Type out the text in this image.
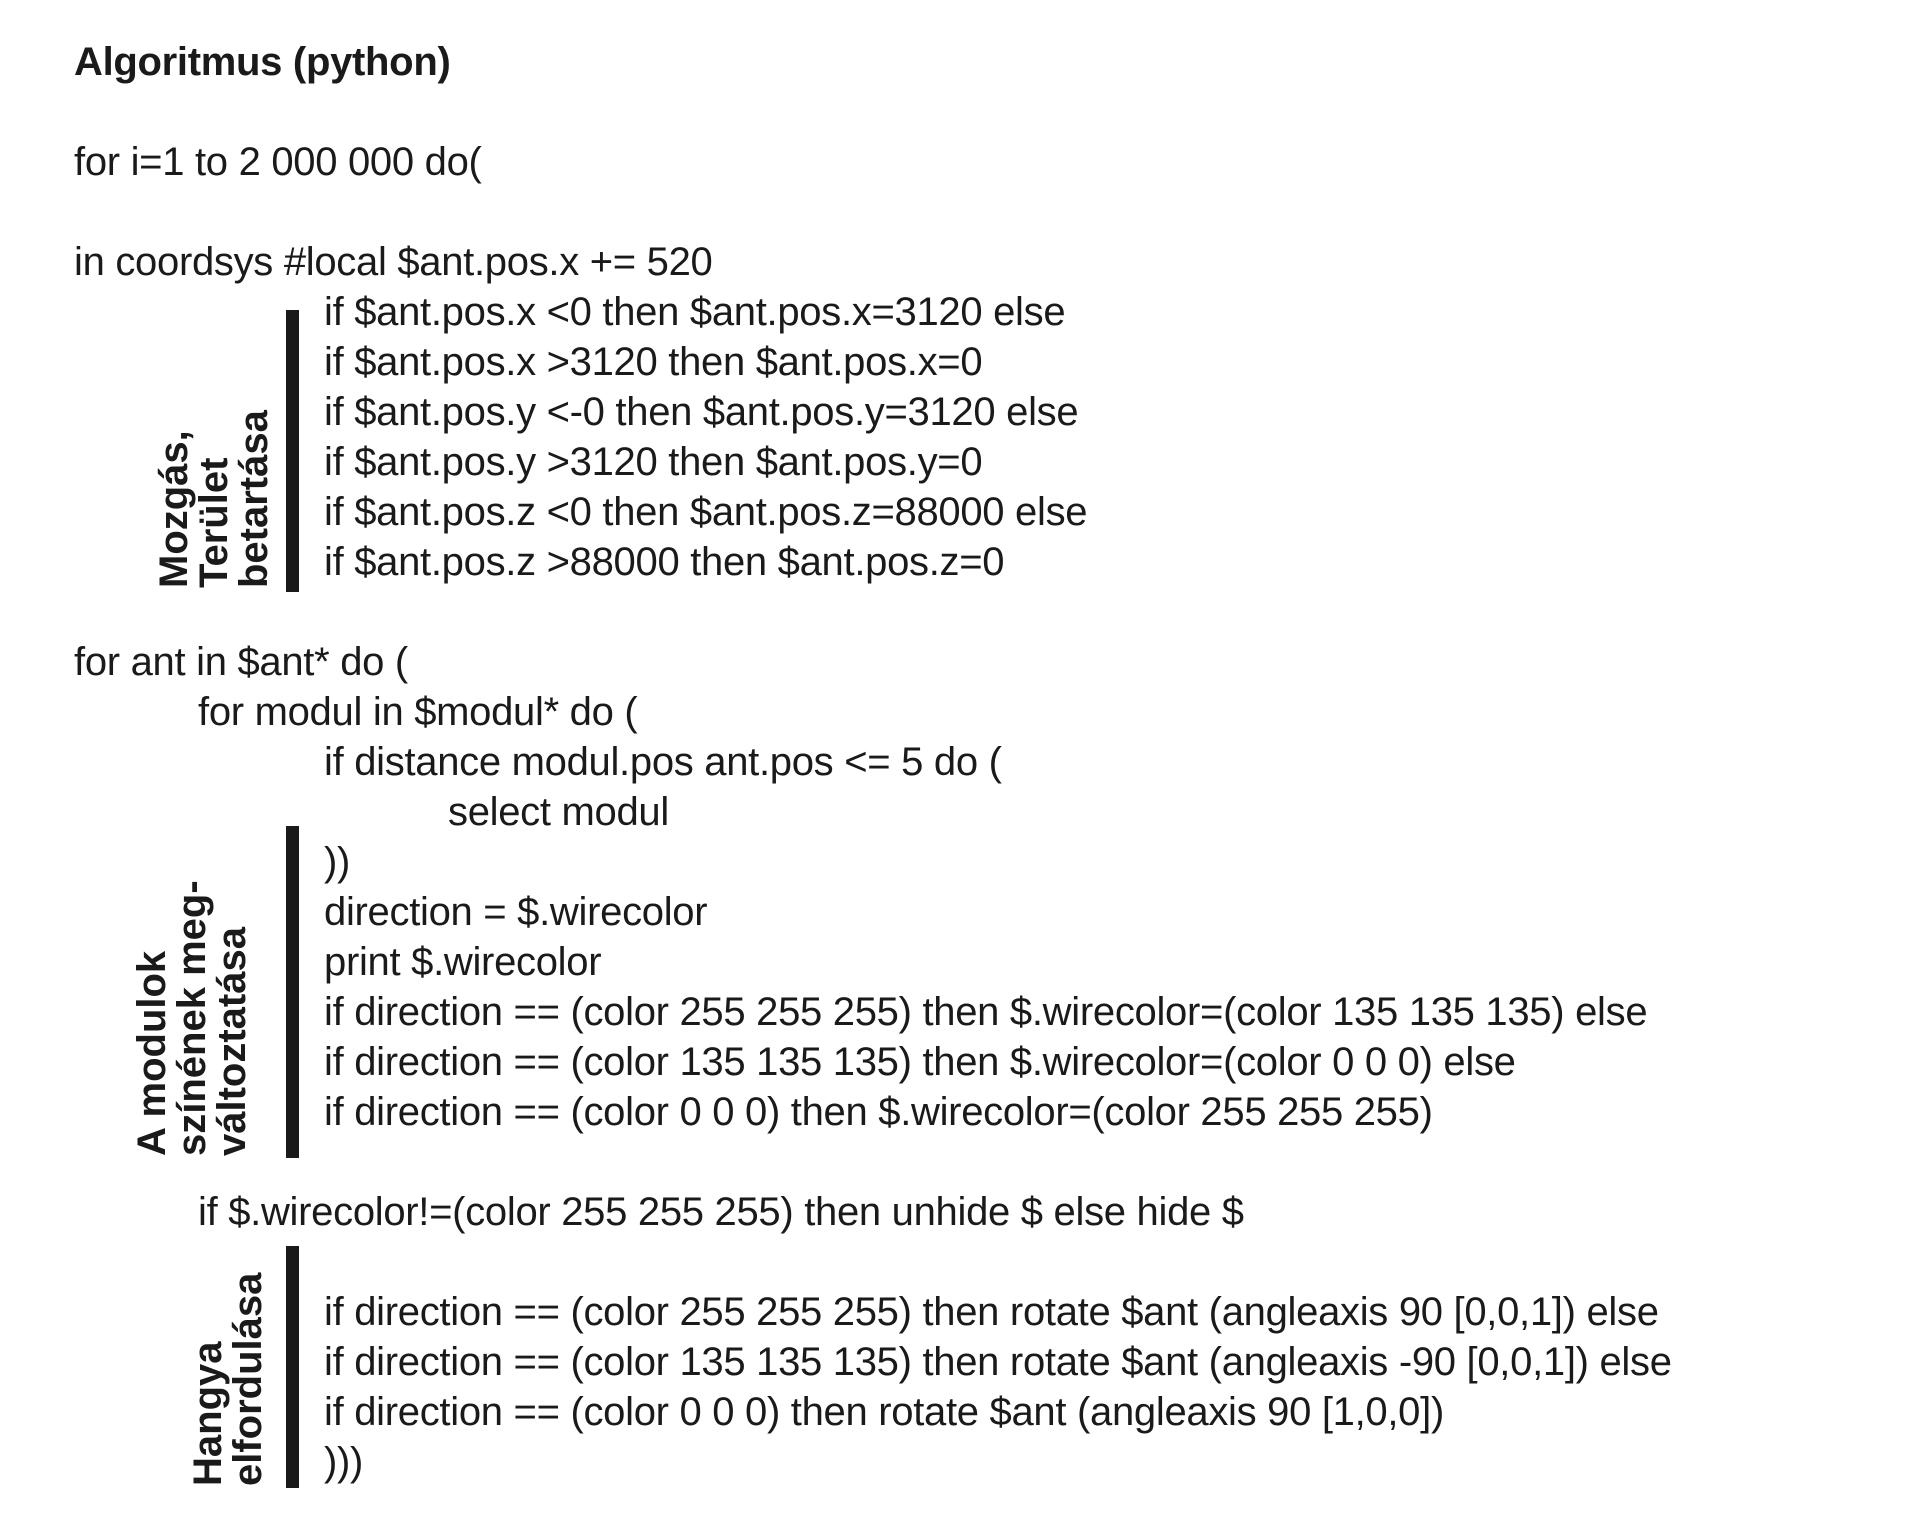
Algoritmus (python)
for i=1 to 2 000 000 do(
in coordsys #local $ant.pos.x += 520
Mozgás,
Terület
betartása
if $ant.pos.x <0 then $ant.pos.x=3120 else
if $ant.pos.x >3120 then $ant.pos.x=0
if $ant.pos.y <-0 then $ant.pos.y=3120 else
if $ant.pos.y >3120 then $ant.pos.y=0
if $ant.pos.z <0 then $ant.pos.z=88000 else
if $ant.pos.z >88000 then $ant.pos.z=0
for ant in $ant* do (
for modul in $modul* do (
if distance modul.pos ant.pos <= 5 do (
select modul
A modulok
színének meg-
változtatása
))
direction = $.wirecolor
print $.wirecolor
if direction == (color 255 255 255) then $.wirecolor=(color 135 135 135) else
if direction == (color 135 135 135) then $.wirecolor=(color 0 0 0) else
if direction == (color 0 0 0) then $.wirecolor=(color 255 255 255)
if $.wirecolor!=(color 255 255 255) then unhide $ else hide $
Hangya
elfordulása if direction == (color 255 255 255) then rotate $ant (angleaxis 90 [0,0,1]) else
if direction == (color 135 135 135) then rotate $ant (angleaxis -90 [0,0,1]) else
if direction == (color 0 0 0) then rotate $ant (angleaxis 90 [1,0,0])
)))
